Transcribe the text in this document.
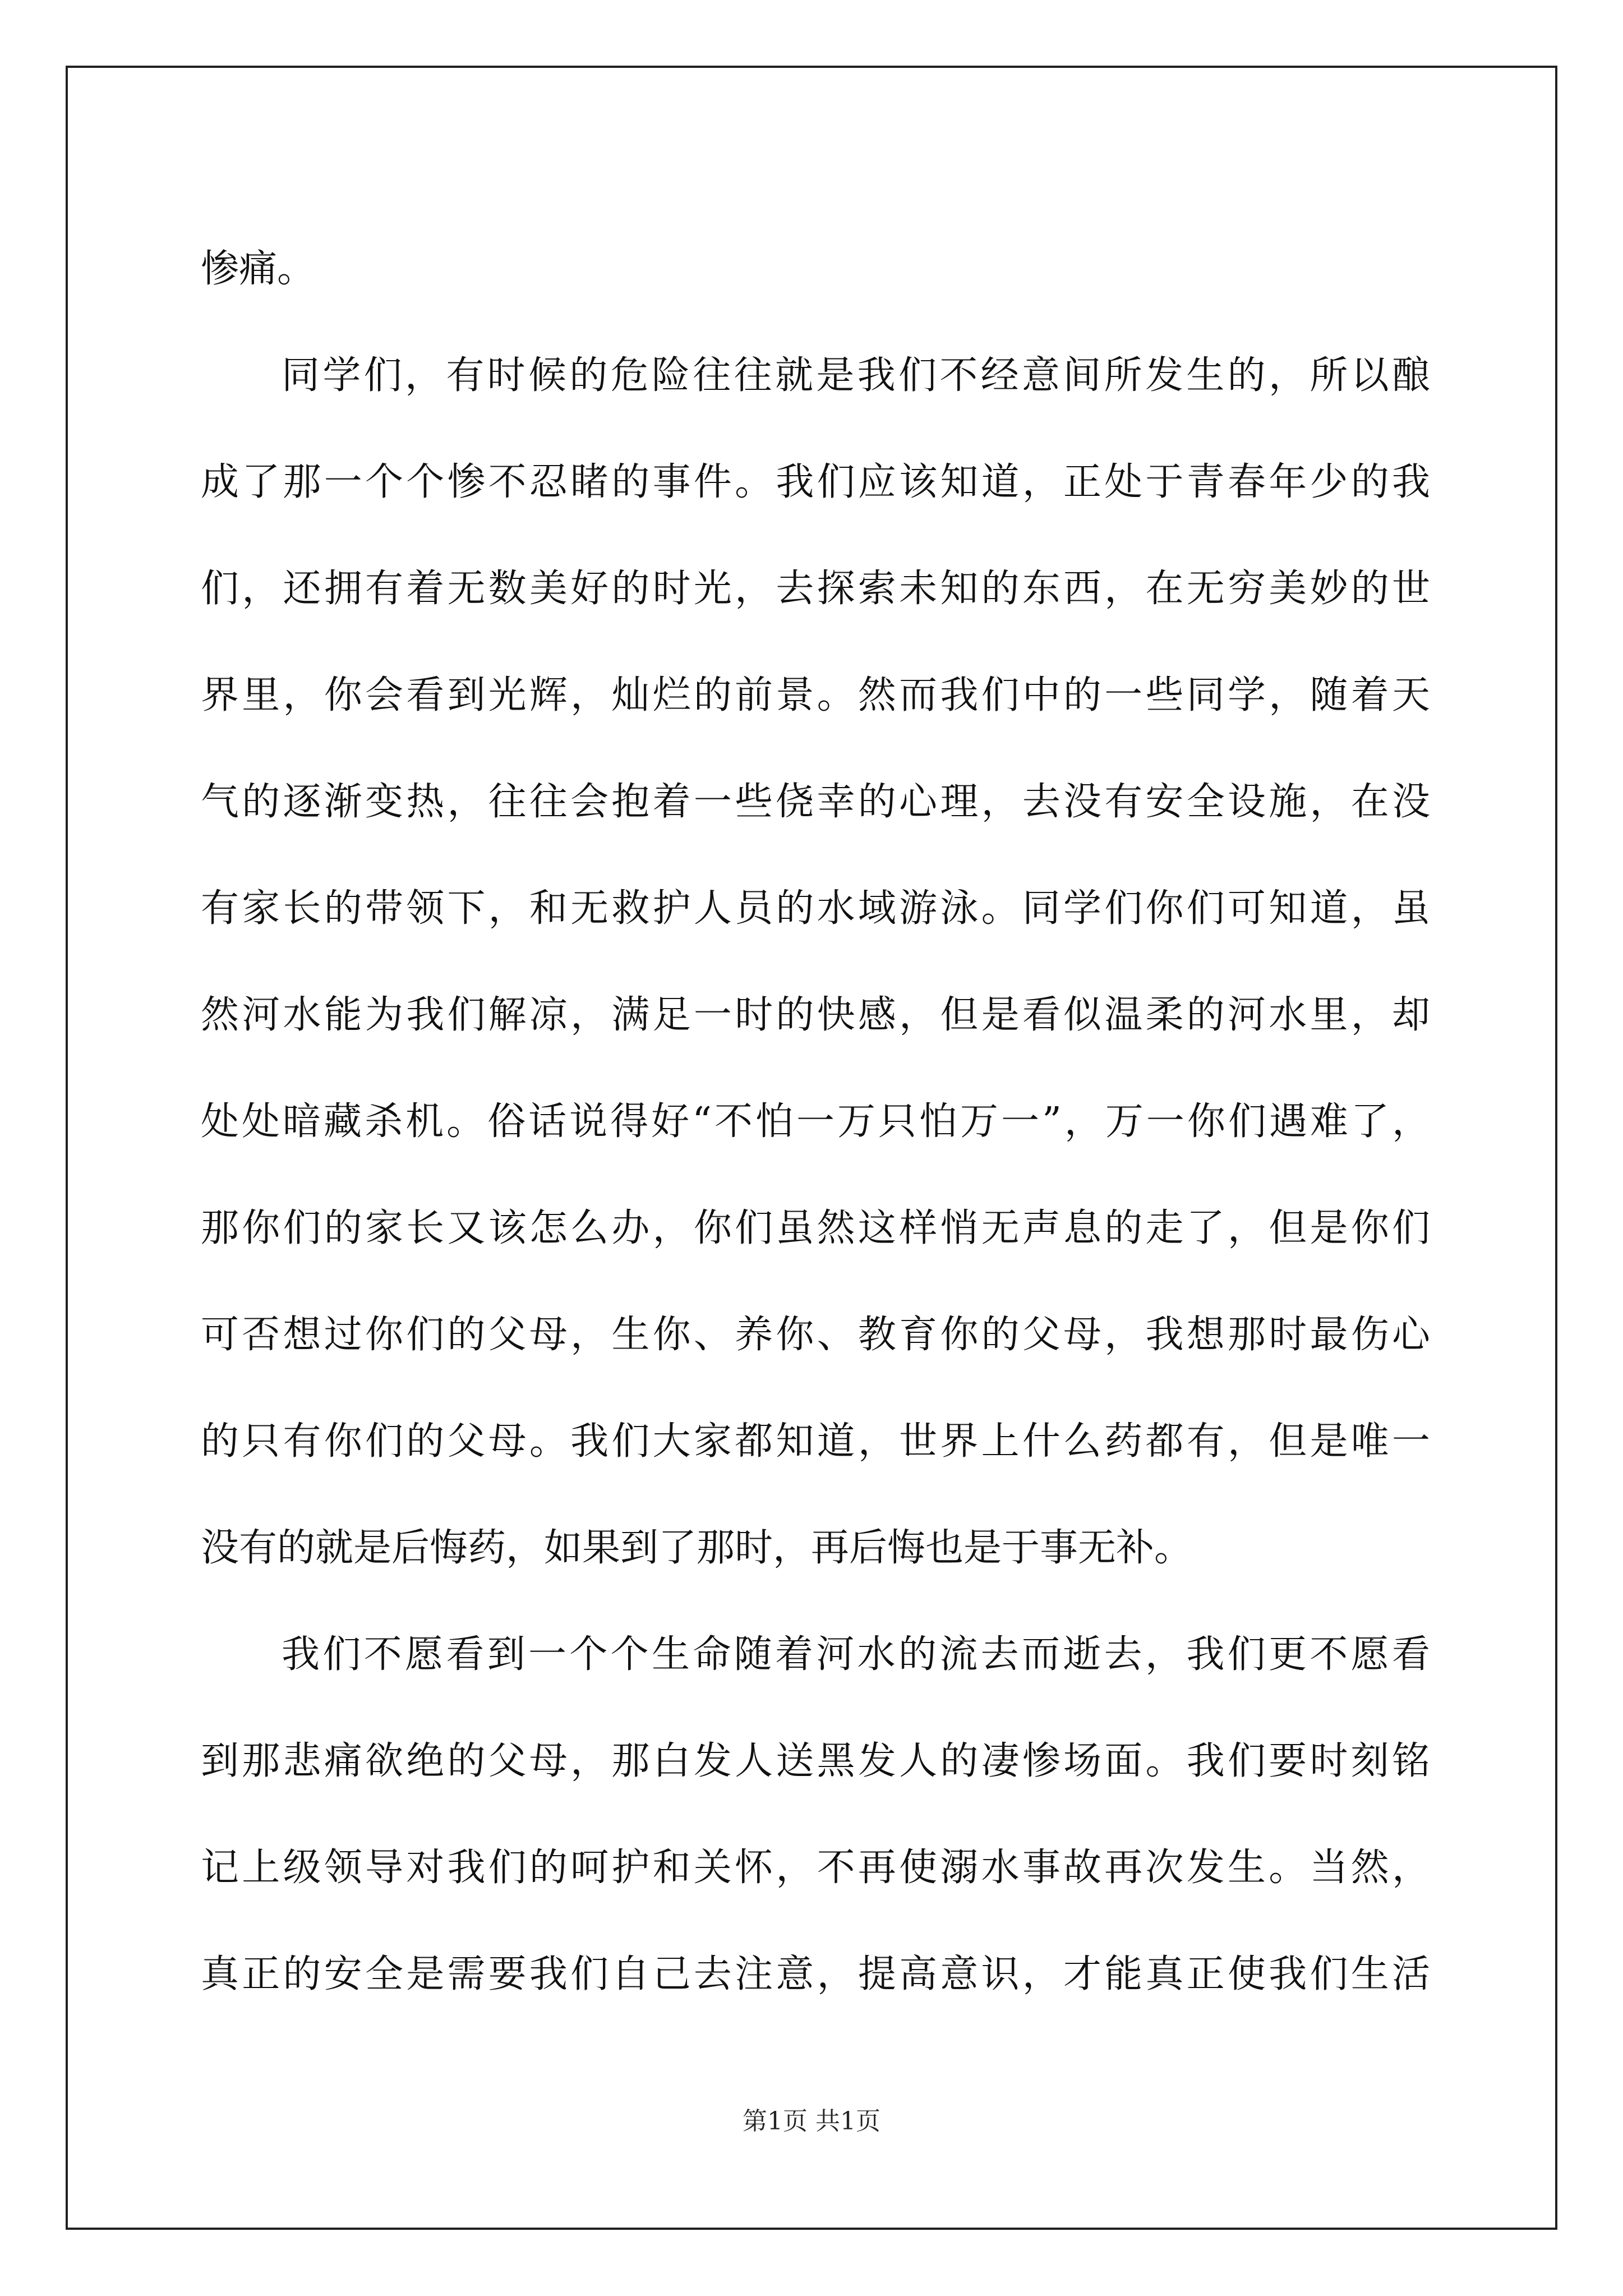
惨痛。
同学们，有时候的危险往往就是我们不经意间所发生的，所以酿
成了那一个个惨不忍睹的事件。我们应该知道，正处于青春年少的我
们，还拥有着无数美好的时光，去探索未知的东西，在无穷美妙的世
界里，你会看到光辉，灿烂的前景。然而我们中的一些同学，随着天
气的逐渐变热，往往会抱着一些侥幸的心理，去没有安全设施，在没
有家长的带领下，和无救护人员的水域游泳。同学们你们可知道，虽
然河水能为我们解凉，满足一时的快感，但是看似温柔的河水里，却
处处暗藏杀机。俗话说得好“不怕一万只怕万一”，万一你们遇难了，
那你们的家长又该怎么办，你们虽然这样悄无声息的走了，但是你们
可否想过你们的父母，生你、养你、教育你的父母，我想那时最伤心
的只有你们的父母。我们大家都知道，世界上什么药都有，但是唯一
没有的就是后悔药，如果到了那时，再后悔也是于事无补。
我们不愿看到一个个生命随着河水的流去而逝去，我们更不愿看
到那悲痛欲绝的父母，那白发人送黑发人的凄惨场面。我们要时刻铭
记上级领导对我们的呵护和关怀，不再使溺水事故再次发生。当然，
真正的安全是需要我们自己去注意，提高意识，才能真正使我们生活
第1页 共1页
